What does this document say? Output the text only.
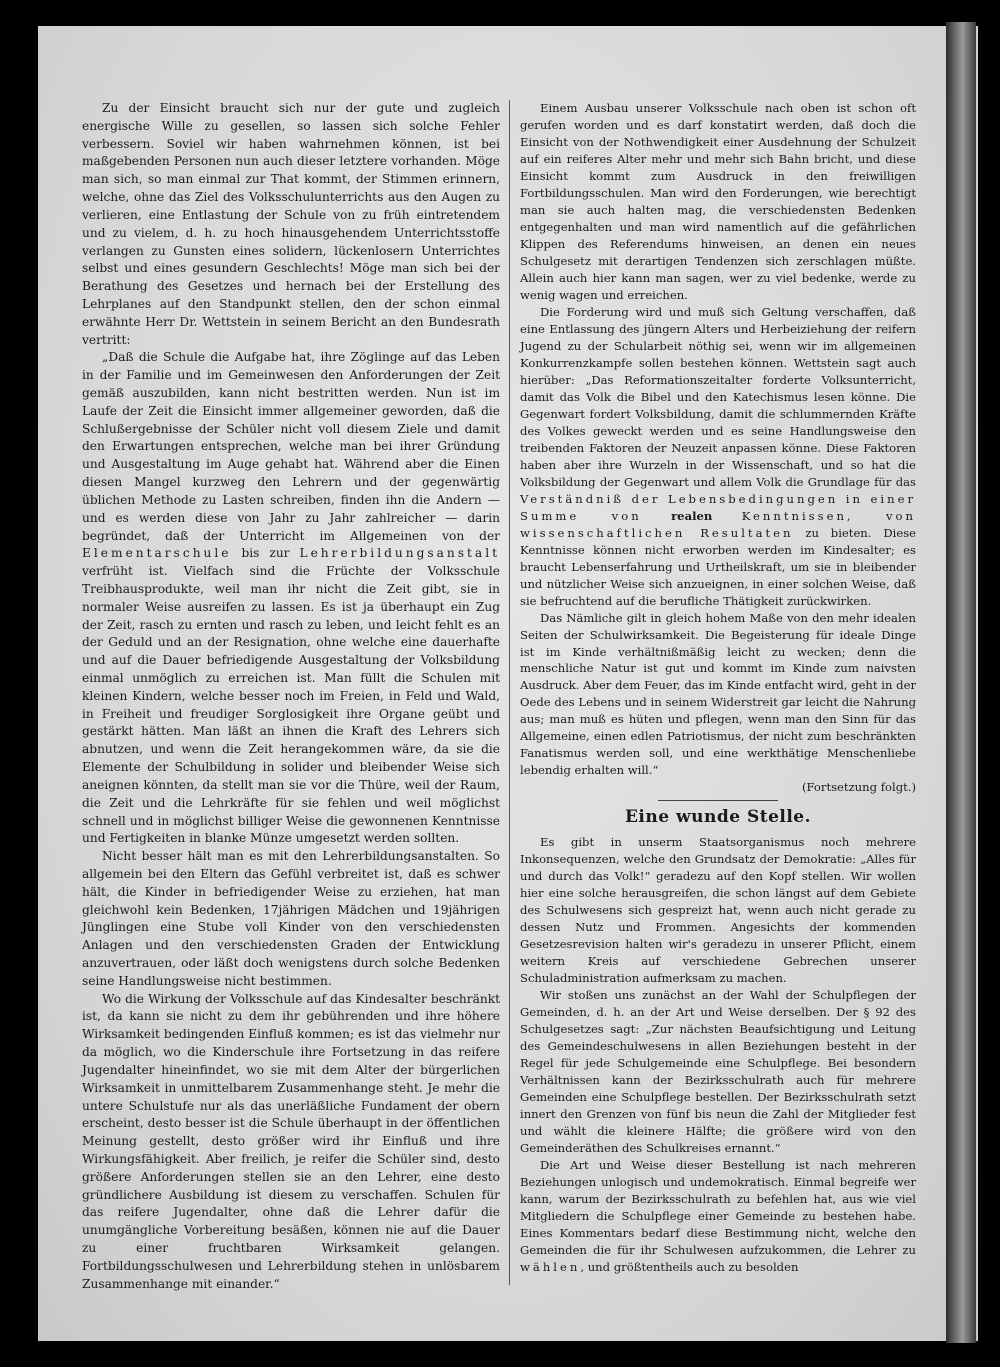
Zu der Einsicht braucht sich nur der gute und zugleich energische Wille zu gesellen, so lassen sich solche Fehler verbessern. Soviel wir haben wahrnehmen können, ist bei maßgebenden Personen nun auch dieser letztere vorhanden. Möge man sich, so man einmal zur That kommt, der Stimmen erinnern, welche, ohne das Ziel des Volksschulunterrichts aus den Augen zu verlieren, eine Entlastung der Schule von zu früh eintretendem und zu vielem, d. h. zu hoch hinausgehendem Unterrichtsstoffe verlangen zu Gunsten eines solidern, lückenlosern Unterrichtes selbst und eines gesundern Geschlechts! Möge man sich bei der Berathung des Gesetzes und hernach bei der Erstellung des Lehrplanes auf den Standpunkt stellen, den der schon einmal erwähnte Herr Dr. Wettstein in seinem Bericht an den Bundesrath vertritt:

„Daß die Schule die Aufgabe hat, ihre Zöglinge auf das Leben in der Familie und im Gemeinwesen den Anforderungen der Zeit gemäß auszubilden, kann nicht bestritten werden. Nun ist im Laufe der Zeit die Einsicht immer allgemeiner geworden, daß die Schlußergebnisse der Schüler nicht voll diesem Ziele und damit den Erwartungen entsprechen, welche man bei ihrer Gründung und Ausgestaltung im Auge gehabt hat. Während aber die Einen diesen Mangel kurzweg den Lehrern und der gegenwärtig üblichen Methode zu Lasten schreiben, finden ihn die Andern — und es werden diese von Jahr zu Jahr zahlreicher — darin begründet, daß der Unterricht im Allgemeinen von der Elementarschule bis zur Lehrerbildungsanstalt verfrüht ist. Vielfach sind die Früchte der Volksschule Treibhausprodukte, weil man ihr nicht die Zeit gibt, sie in normaler Weise ausreifen zu lassen. Es ist ja überhaupt ein Zug der Zeit, rasch zu ernten und rasch zu leben, und leicht fehlt es an der Geduld und an der Resignation, ohne welche eine dauerhafte und auf die Dauer befriedigende Ausgestaltung der Volksbildung einmal unmöglich zu erreichen ist. Man füllt die Schulen mit kleinen Kindern, welche besser noch im Freien, in Feld und Wald, in Freiheit und freudiger Sorglosigkeit ihre Organe geübt und gestärkt hätten. Man läßt an ihnen die Kraft des Lehrers sich abnutzen, und wenn die Zeit herangekommen wäre, da sie die Elemente der Schulbildung in solider und bleibender Weise sich aneignen könnten, da stellt man sie vor die Thüre, weil der Raum, die Zeit und die Lehrkräfte für sie fehlen und weil möglichst schnell und in möglichst billiger Weise die gewonnenen Kenntnisse und Fertigkeiten in blanke Münze umgesetzt werden sollten.

Nicht besser hält man es mit den Lehrerbildungsanstalten. So allgemein bei den Eltern das Gefühl verbreitet ist, daß es schwer hält, die Kinder in befriedigender Weise zu erziehen, hat man gleichwohl kein Bedenken, 17jährigen Mädchen und 19jährigen Jünglingen eine Stube voll Kinder von den verschiedensten Anlagen und den verschiedensten Graden der Entwicklung anzuvertrauen, oder läßt doch wenigstens durch solche Bedenken seine Handlungsweise nicht bestimmen.

Wo die Wirkung der Volksschule auf das Kindesalter beschränkt ist, da kann sie nicht zu dem ihr gebührenden und ihre höhere Wirksamkeit bedingenden Einfluß kommen; es ist das vielmehr nur da möglich, wo die Kinderschule ihre Fortsetzung in das reifere Jugendalter hineinfindet, wo sie mit dem Alter der bürgerlichen Wirksamkeit in unmittelbarem Zusammenhange steht. Je mehr die untere Schulstufe nur als das unerläßliche Fundament der obern erscheint, desto besser ist die Schule überhaupt in der öffentlichen Meinung gestellt, desto größer wird ihr Einfluß und ihre Wirkungsfähigkeit. Aber freilich, je reifer die Schüler sind, desto größere Anforderungen stellen sie an den Lehrer, eine desto gründlichere Ausbildung ist diesem zu verschaffen. Schulen für das reifere Jugendalter, ohne daß die Lehrer dafür die unumgängliche Vorbereitung besäßen, können nie auf die Dauer zu einer fruchtbaren Wirksamkeit gelangen. Fortbildungsschulwesen und Lehrerbildung stehen in unlösbarem Zusammenhange mit einander.“

Einem Ausbau unserer Volksschule nach oben ist schon oft gerufen worden und es darf konstatirt werden, daß doch die Einsicht von der Nothwendigkeit einer Ausdehnung der Schulzeit auf ein reiferes Alter mehr und mehr sich Bahn bricht, und diese Einsicht kommt zum Ausdruck in den freiwilligen Fortbildungsschulen. Man wird den Forderungen, wie berechtigt man sie auch halten mag, die verschiedensten Bedenken entgegenhalten und man wird namentlich auf die gefährlichen Klippen des Referendums hinweisen, an denen ein neues Schulgesetz mit derartigen Tendenzen sich zerschlagen müßte. Allein auch hier kann man sagen, wer zu viel bedenke, werde zu wenig wagen und erreichen.

Die Forderung wird und muß sich Geltung verschaffen, daß eine Entlassung des jüngern Alters und Herbeiziehung der reifern Jugend zu der Schularbeit nöthig sei, wenn wir im allgemeinen Konkurrenzkampfe sollen bestehen können. Wettstein sagt auch hierüber: „Das Reformationszeitalter forderte Volksunterricht, damit das Volk die Bibel und den Katechismus lesen könne. Die Gegenwart fordert Volksbildung, damit die schlummernden Kräfte des Volkes geweckt werden und es seine Handlungsweise den treibenden Faktoren der Neuzeit anpassen könne. Diese Faktoren haben aber ihre Wurzeln in der Wissenschaft, und so hat die Volksbildung der Gegenwart und allem Volk die Grundlage für das Verständniß der Lebensbedingungen in einer Summe von	realen	Kenntnissen, von wissenschaftlichen Resultaten zu bieten. Diese Kenntnisse können nicht erworben werden im Kindesalter; es braucht Lebenserfahrung und Urtheilskraft, um sie in bleibender und nützlicher Weise sich anzueignen, in einer solchen Weise, daß sie befruchtend auf die berufliche Thätigkeit zurückwirken.

Das Nämliche gilt in gleich hohem Maße von den mehr idealen Seiten der Schulwirksamkeit. Die Begeisterung für ideale Dinge ist im Kinde verhältnißmäßig leicht zu wecken; denn die menschliche Natur ist gut und kommt im Kinde zum naivsten Ausdruck. Aber dem Feuer, das im Kinde entfacht wird, geht in der Oede des Lebens und in seinem Widerstreit gar leicht die Nahrung aus; man muß es hüten und pflegen, wenn man den Sinn für das Allgemeine, einen edlen Patriotismus, der nicht zum beschränkten Fanatismus werden soll, und eine werkthätige Menschenliebe lebendig erhalten will.“

(Fortsetzung folgt.)
Eine wunde Stelle.

Es gibt in unserm Staatsorganismus noch mehrere Inkonsequenzen, welche den Grundsatz der Demokratie: „Alles für und durch das Volk!“ geradezu auf den Kopf stellen. Wir wollen hier eine solche herausgreifen, die schon längst auf dem Gebiete des Schulwesens sich gespreizt hat, wenn auch nicht gerade zu dessen Nutz und Frommen. Angesichts der kommenden Gesetzesrevision halten wir's geradezu in unserer Pflicht, einem weitern Kreis auf verschiedene Gebrechen unserer Schuladministration aufmerksam zu machen.

Wir stoßen uns zunächst an der Wahl der Schulpflegen der Gemeinden, d. h. an der Art und Weise derselben. Der § 92 des Schulgesetzes sagt: „Zur nächsten Beaufsichtigung und Leitung des Gemeindeschulwesens in allen Beziehungen besteht in der Regel für jede Schulgemeinde eine Schulpflege. Bei besondern Verhältnissen kann der Bezirksschulrath auch für mehrere Gemeinden eine Schulpflege bestellen. Der Bezirksschulrath setzt innert den Grenzen von fünf bis neun die Zahl der Mitglieder fest und wählt die kleinere Hälfte; die größere wird von den Gemeinderäthen des Schulkreises ernannt.“

Die Art und Weise dieser Bestellung ist nach mehreren Beziehungen unlogisch und undemokratisch. Einmal begreife wer kann, warum der Bezirksschulrath zu befehlen hat, aus wie viel Mitgliedern die Schulpflege einer Gemeinde zu bestehen habe. Eines Kommentars bedarf diese Bestimmung nicht, welche den Gemeinden die für ihr Schulwesen aufzukommen, die Lehrer zu wählen, und größtentheils auch zu besolden
